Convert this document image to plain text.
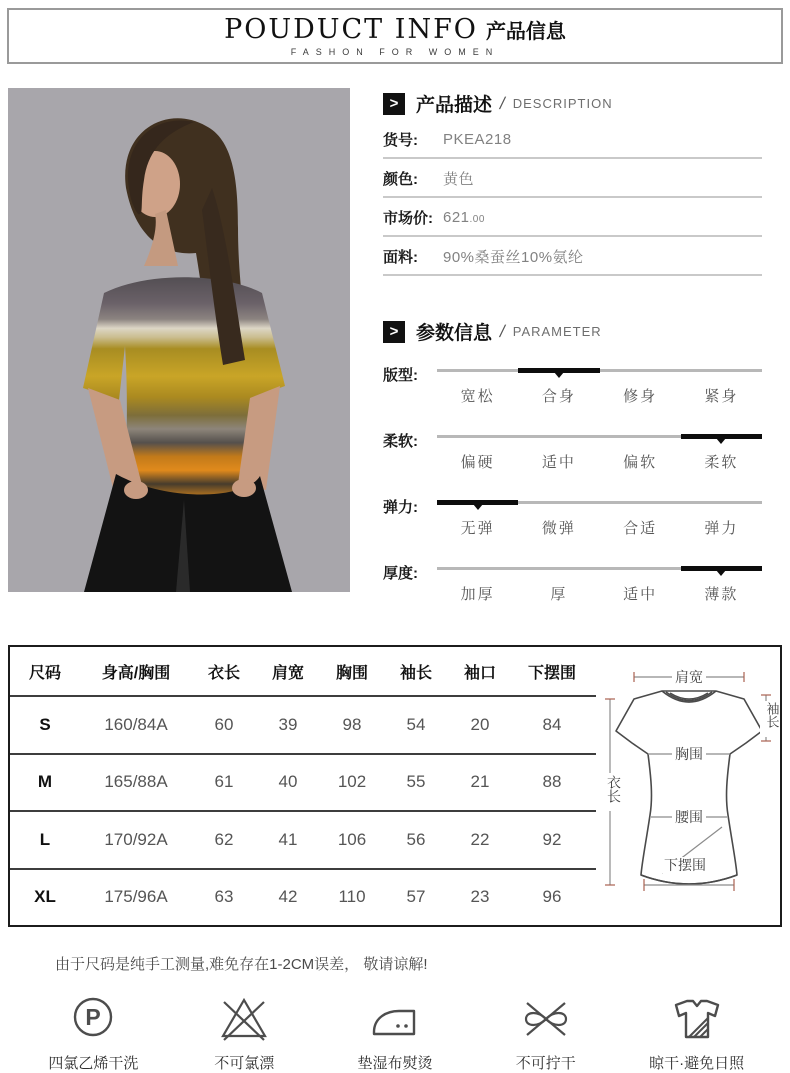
POUDUCT INFO 产品信息
FASHON FOR WOMEN
> 产品描述 / DESCRIPTION
货号:	PKEA218
颜色:	黄色
市场价: 621.00
面料:	90%桑蚕丝10%氨纶
> 参数信息 / PARAMETER
版型:
宽松	合身	修身	紧身
柔软:
偏硬	适中	偏软	柔软
弹力:
无弹	微弹	合适	弹力
厚度:
加厚	厚	适中	薄款
尺码	身高/胸围	衣长	肩宽	胸围	袖长	袖口	下摆围
S	160/84A	60	39	98	54	20	84
M	165/88A	61	40	102	55	21	88
L	170/92A	62	41	106	56	22	92
XL	175/96A	63	42	110	57	23	96
肩宽
衣长
袖长
胸围
腰围
下摆围
由于尺码是纯手工测量,难免存在1-2CM误差， 敬请谅解!
P
四氯乙烯干洗	不可氯漂	垫湿布熨烫	不可拧干	晾干·避免日照
